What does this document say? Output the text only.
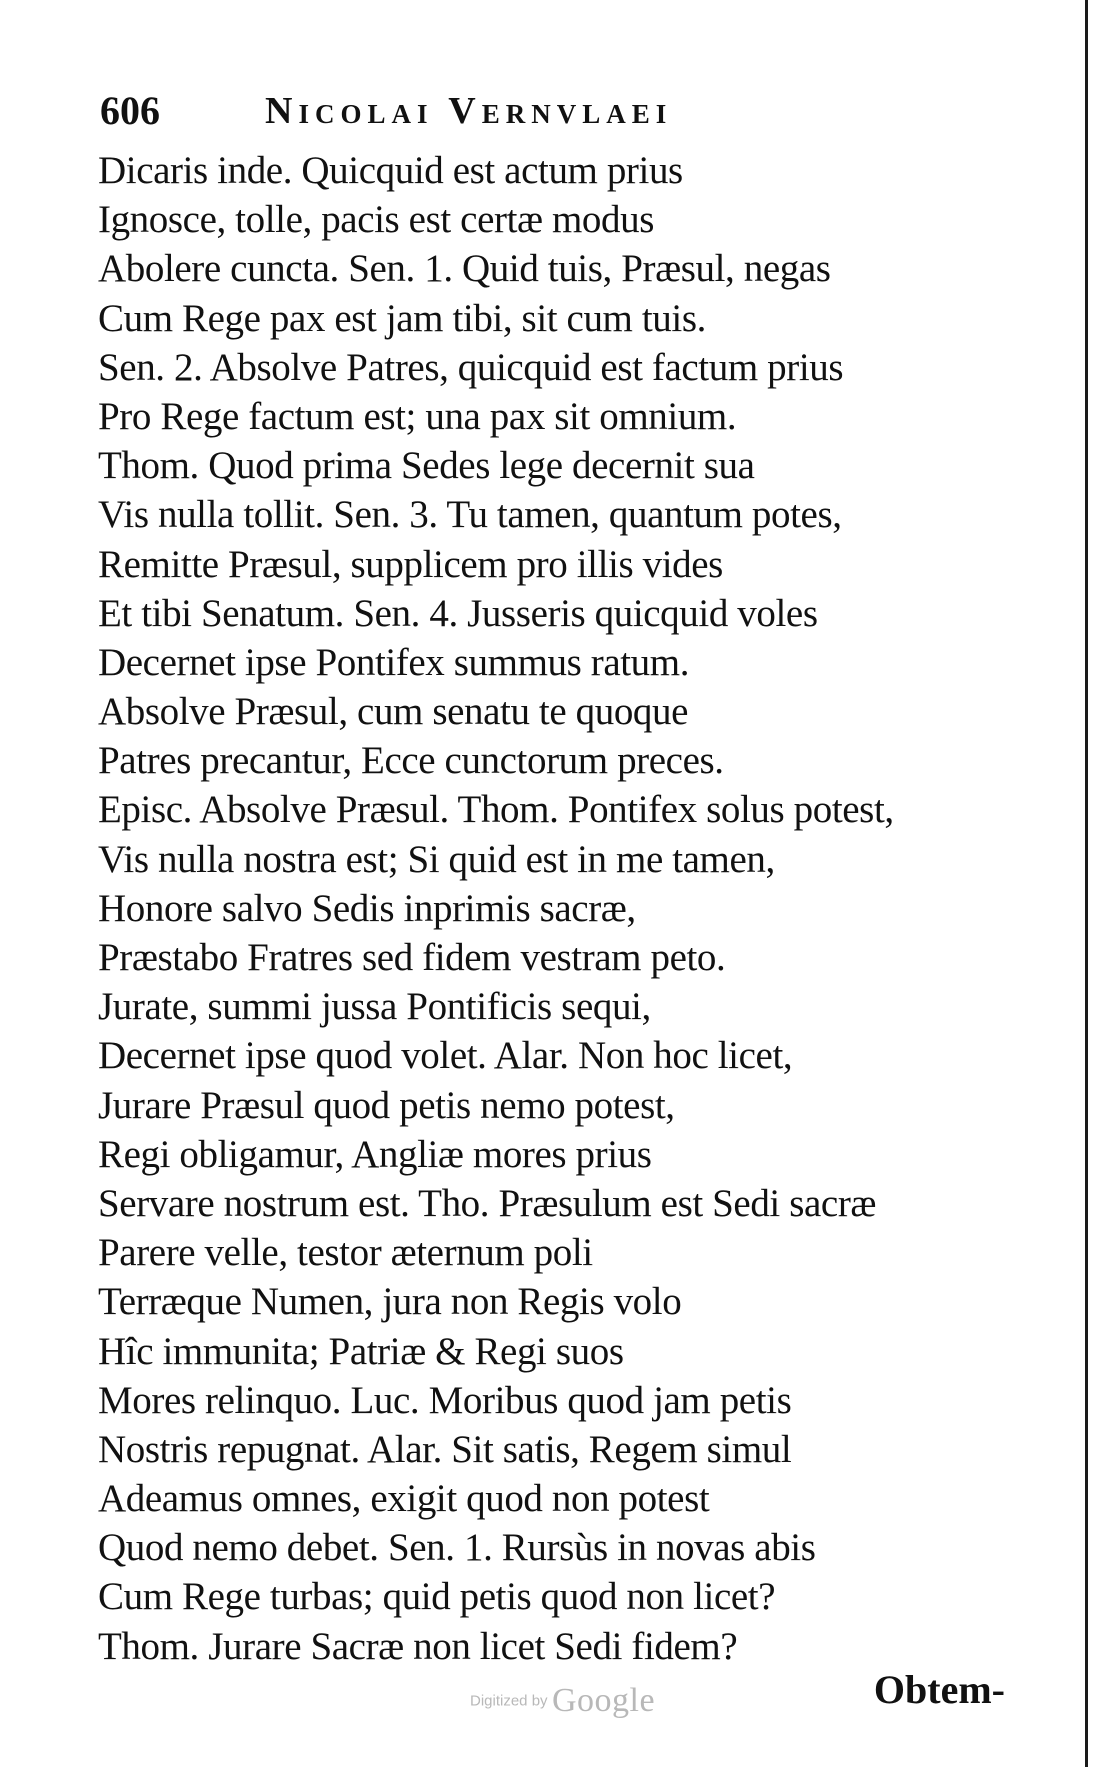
606	Nicolai Vernvlaei
Dicaris inde. Quicquid est actum prius
Ignosce, tolle, pacis est certæ modus
Abolere cuncta. Sen. 1. Quid tuis, Præsul, negas
Cum Rege pax est jam tibi, sit cum tuis.
Sen. 2. Absolve Patres, quicquid est factum prius
Pro Rege factum est; una pax sit omnium.
Thom. Quod prima Sedes lege decernit sua
Vis nulla tollit. Sen. 3. Tu tamen, quantum potes,
Remitte Præsul, supplicem pro illis vides
Et tibi Senatum. Sen. 4. Jusseris quicquid voles
Decernet ipse Pontifex summus ratum.
Absolve Præsul, cum senatu te quoque
Patres precantur, Ecce cunctorum preces.
Episc. Absolve Præsul. Thom. Pontifex solus potest,
Vis nulla nostra est; Si quid est in me tamen,
Honore salvo Sedis inprimis sacræ,
Præstabo Fratres sed fidem vestram peto.
Jurate, summi jussa Pontificis sequi,
Decernet ipse quod volet. Alar. Non hoc licet,
Jurare Præsul quod petis nemo potest,
Regi obligamur, Angliæ mores prius
Servare nostrum est. Tho. Præsulum est Sedi sacræ
Parere velle, testor æternum poli
Terræque Numen, jura non Regis volo
Hîc immunita; Patriæ & Regi suos
Mores relinquo. Luc. Moribus quod jam petis
Nostris repugnat. Alar. Sit satis, Regem simul
Adeamus omnes, exigit quod non potest
Quod nemo debet. Sen. 1. Rursùs in novas abis
Cum Rege turbas; quid petis quod non licet?
Thom. Jurare Sacræ non licet Sedi fidem?
Digitized by Google	Obtem-
